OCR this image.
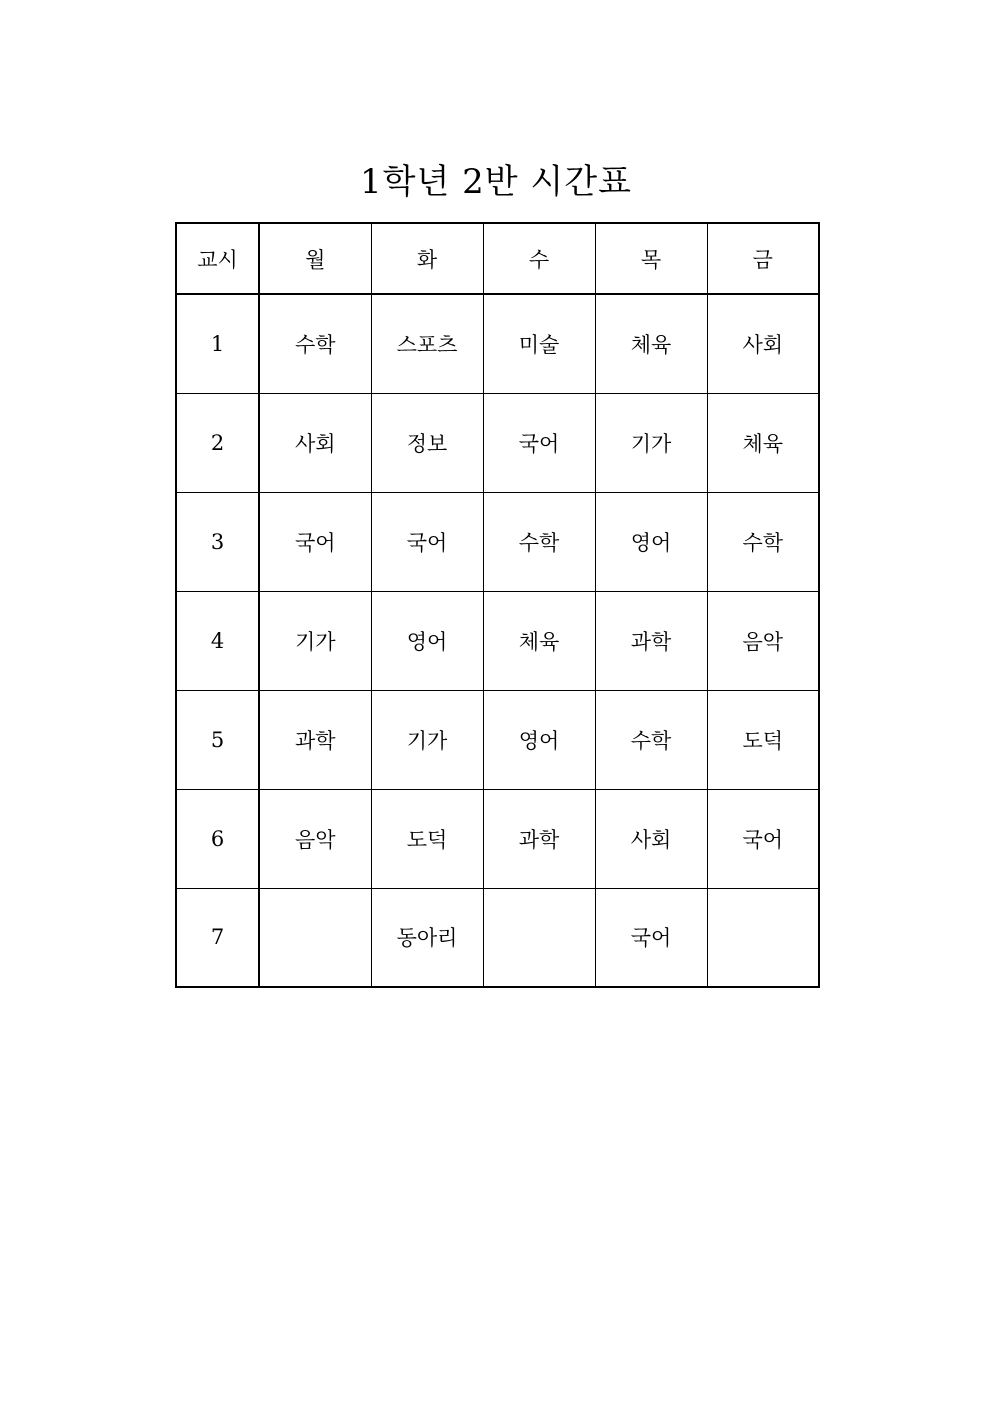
1학년 2반 시간표
교시	월	화	수	목	금
1	수학	스포츠	미술	체육	사회
2	사회	정보	국어	기가	체육
3	국어	국어	수학	영어	수학
4	기가	영어	체육	과학	음악
5	과학	기가	영어	수학	도덕
6	음악	도덕	과학	사회	국어
7		동아리		국어	
